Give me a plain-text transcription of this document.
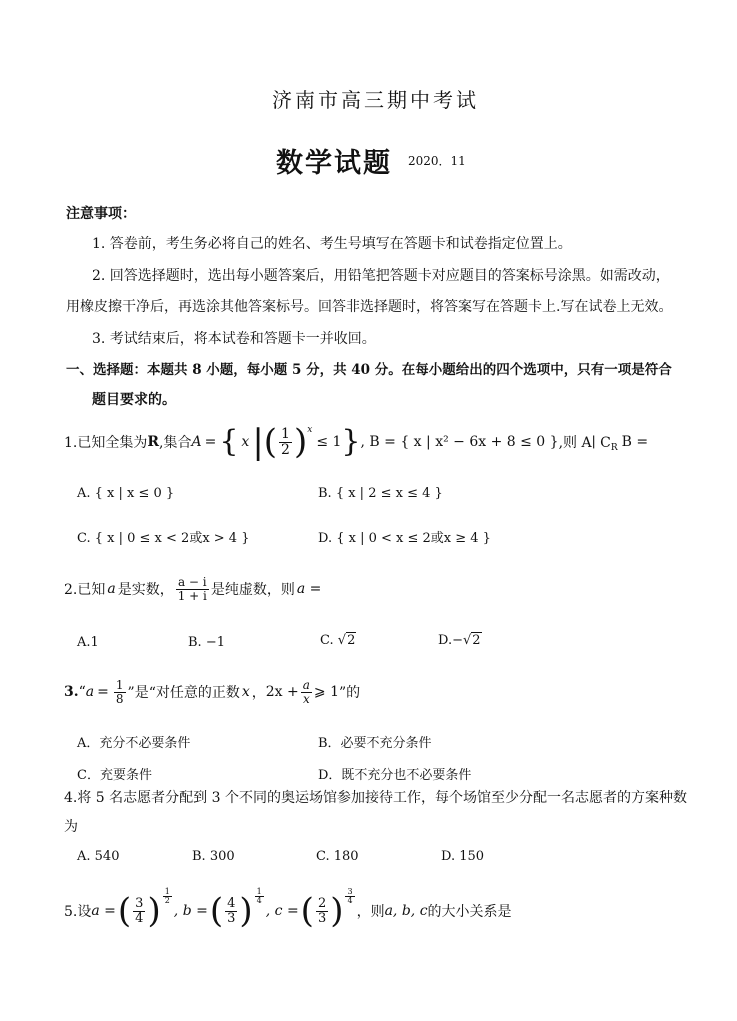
济南市高三期中考试
数学试题 2020．11
注意事项：
1. 答卷前，考生务必将自己的姓名、考生号填写在答题卡和试卷指定位置上。
2. 回答选择题时，选出每小题答案后，用铅笔把答题卡对应题目的答案标号涂黑。如需改动，
用橡皮擦干净后，再选涂其他答案标号。回答非选择题时，将答案写在答题卡上.写在试卷上无效。
3. 考试结束后，将本试卷和答题卡一并收回。
一、选择题：本题共 8 小题，每小题 5 分，共 40 分。在每小题给出的四个选项中，只有一项是符合
题目要求的。
1.已知全集为 R ,集合 A = { x | ( $\frac{1}{2}$ ) x
≤ 1 } , B = { x | x² − 6x + 8 ≤ 0 } ,则 A∣ C R B =
A. { x | x ≤ 0 }	B. { x | 2 ≤ x ≤ 4 }
C. { x | 0 ≤ x < 2或x > 4 }	D. { x | 0 < x ≤ 2或x ≥ 4 }
2.已知 a 是实数， $\frac{a - i}{1 + i}$ 是纯虚数，则 a =
A.1	B. −1	C. √2	D.−√2
3. “ $a = \frac{1}{8}$ ”是“对任意的正数 x ， $2x + \frac{a}{x}$ ⩾ 1 ”的
A．充分不必要条件	B．必要不充分条件
C．充要条件	D．既不充分也不必要条件
4.将 5 名志愿者分配到 3 个不同的奥运场馆参加接待工作，每个场馆至少分配一名志愿者的方案种数
为
A. 540	B. 300	C. 180	D. 150
5.设 a = ( $\frac{3}{4}$ ) $\frac{1}{2}$
, b = ( $\frac{4}{3}$ ) $\frac{1}{4}$
, c = ( $\frac{2}{3}$ ) $\frac{3}{4}$
，则 a, b, c 的大小关系是
